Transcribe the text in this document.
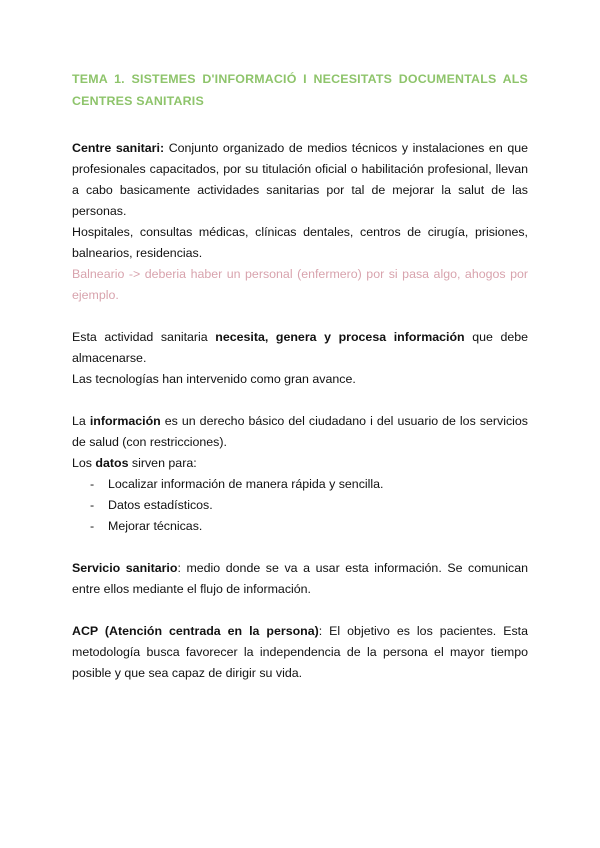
TEMA 1. SISTEMES D'INFORMACIÓ I NECESITATS DOCUMENTALS ALS CENTRES SANITARIS

Centre sanitari: Conjunto organizado de medios técnicos y instalaciones en que profesionales capacitados, por su titulación oficial o habilitación profesional, llevan a cabo basicamente actividades sanitarias por tal de mejorar la salut de las personas.

Hospitales, consultas médicas, clínicas dentales, centros de cirugía, prisiones, balnearios, residencias.

Balneario -> deberia haber un personal (enfermero) por si pasa algo, ahogos por ejemplo.

Esta actividad sanitaria necesita, genera y procesa información que debe almacenarse.

Las tecnologías han intervenido como gran avance.

La información es un derecho básico del ciudadano i del usuario de los servicios de salud (con restricciones).

Los datos sirven para:

- Localizar información de manera rápida y sencilla.
- Datos estadísticos.
- Mejorar técnicas.

Servicio sanitario: medio donde se va a usar esta información. Se comunican entre ellos mediante el flujo de información.

ACP (Atención centrada en la persona): El objetivo es los pacientes. Esta metodología busca favorecer la independencia de la persona el mayor tiempo posible y que sea capaz de dirigir su vida.
